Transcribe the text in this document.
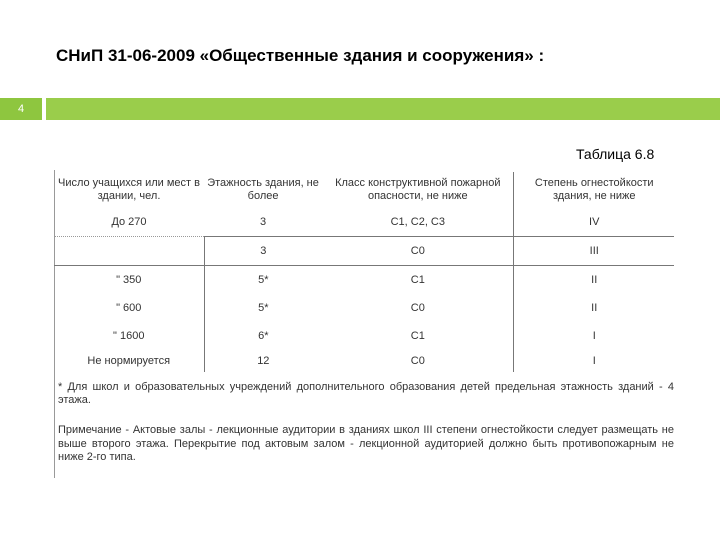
СНиП 31-06-2009 «Общественные здания и сооружения» :
4
Таблица 6.8
Число учащихся или мест в здании, чел.	Этажность здания, не более	Класс конструктивной пожарной опасности, не ниже	Степень огнестойкости здания, не ниже
До 270	3	С1, С2, С3	IV
	3	С0	III
" 350	5*	С1	II
" 600	5*	С0	II
" 1600	6*	С1	I
Не нормируется	12	С0	I
* Для школ и образовательных учреждений дополнительного образования детей предельная этажность зданий - 4 этажа.
Примечание - Актовые залы - лекционные аудитории в зданиях школ III степени огнестойкости следует размещать не выше второго этажа. Перекрытие под актовым залом - лекционной аудиторией должно быть противопожарным не ниже 2-го типа.
